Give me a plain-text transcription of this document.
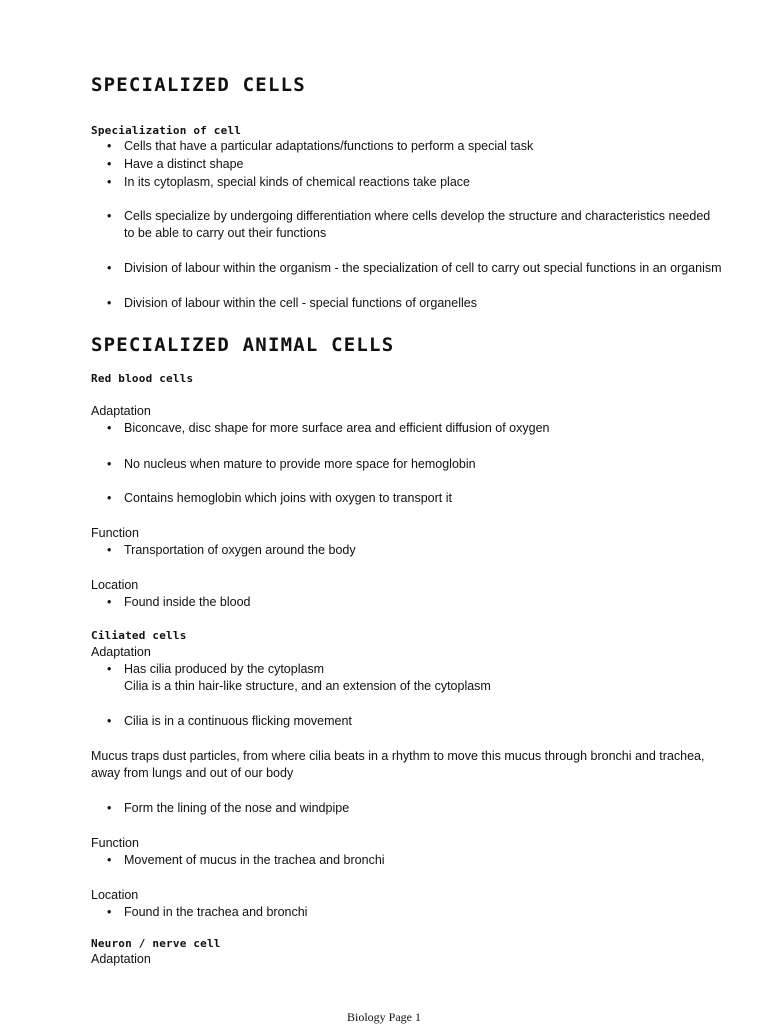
SPECIALIZED CELLS
Specialization of cell
• Cells that have a particular adaptations/functions to perform a special task
• Have a distinct shape
• In its cytoplasm, special kinds of chemical reactions take place
• Cells specialize by undergoing differentiation where cells develop the structure and characteristics needed to be able to carry out their functions
• Division of labour within the organism - the specialization of cell to carry out special functions in an organism
• Division of labour within the cell - special functions of organelles
SPECIALIZED ANIMAL CELLS
Red blood cells
Adaptation
• Biconcave, disc shape for more surface area and efficient diffusion of oxygen
• No nucleus when mature to provide more space for hemoglobin
• Contains hemoglobin which joins with oxygen to transport it
Function
• Transportation of oxygen around the body
Location
• Found inside the blood
Ciliated cells
Adaptation
• Has cilia produced by the cytoplasm
Cilia is a thin hair-like structure, and an extension of the cytoplasm
• Cilia is in a continuous flicking movement
Mucus traps dust particles, from where cilia beats in a rhythm to move this mucus through bronchi and trachea, away from lungs and out of our body
• Form the lining of the nose and windpipe
Function
• Movement of mucus in the trachea and bronchi
Location
• Found in the trachea and bronchi
Neuron / nerve cell
Adaptation
Biology Page 1
